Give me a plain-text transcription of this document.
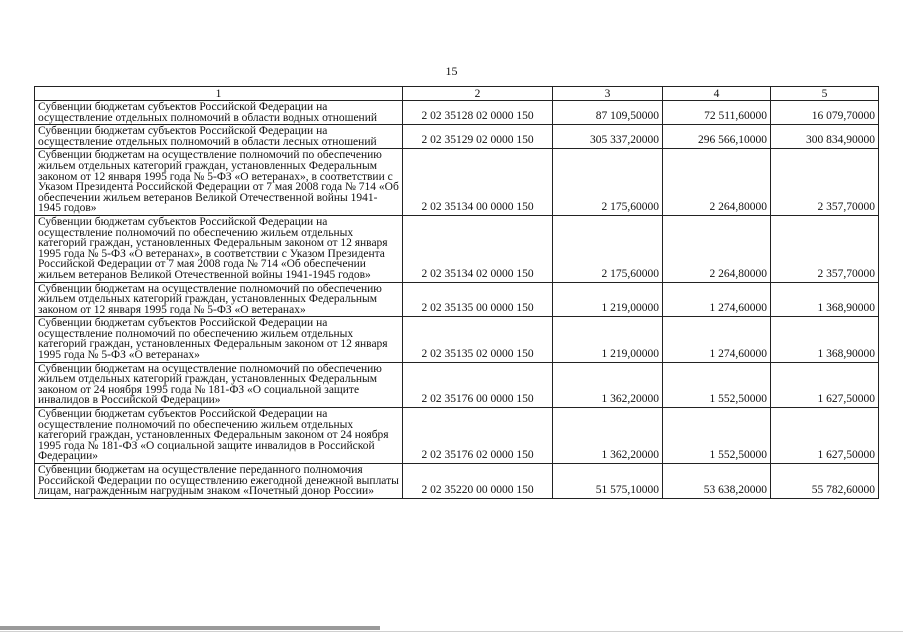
15
1	2	3	4	5
Субвенции бюджетам субъектов Российской Федерации на осуществление отдельных полномочий в области водных отношений	2 02 35128 02 0000 150	87 109,50000	72 511,60000	16 079,70000
Субвенции бюджетам субъектов Российской Федерации на осуществление отдельных полномочий в области лесных отношений	2 02 35129 02 0000 150	305 337,20000	296 566,10000	300 834,90000
Субвенции бюджетам на осуществление полномочий по обеспечению жильем отдельных категорий граждан, установленных Федеральным законом от 12 января 1995 года № 5-ФЗ «О ветеранах», в соответствии с Указом Президента Российской Федерации от 7 мая 2008 года № 714 «Об обеспечении жильем ветеранов Великой Отечественной войны 1941-1945 годов»	2 02 35134 00 0000 150	2 175,60000	2 264,80000	2 357,70000
Субвенции бюджетам субъектов Российской Федерации на осуществление полномочий по обеспечению жильем отдельных категорий граждан, установленных Федеральным законом от 12 января 1995 года № 5-ФЗ «О ветеранах», в соответствии с Указом Президента Российской Федерации от 7 мая 2008 года № 714 «Об обеспечении жильем ветеранов Великой Отечественной войны 1941-1945 годов»	2 02 35134 02 0000 150	2 175,60000	2 264,80000	2 357,70000
Субвенции бюджетам на осуществление полномочий по обеспечению жильем отдельных категорий граждан, установленных Федеральным законом от 12 января 1995 года № 5-ФЗ «О ветеранах»	2 02 35135 00 0000 150	1 219,00000	1 274,60000	1 368,90000
Субвенции бюджетам субъектов Российской Федерации на осуществление полномочий по обеспечению жильем отдельных категорий граждан, установленных Федеральным законом от 12 января 1995 года № 5-ФЗ «О ветеранах»	2 02 35135 02 0000 150	1 219,00000	1 274,60000	1 368,90000
Субвенции бюджетам на осуществление полномочий по обеспечению жильем отдельных категорий граждан, установленных Федеральным законом от 24 ноября 1995 года № 181-ФЗ «О социальной защите инвалидов в Российской Федерации»	2 02 35176 00 0000 150	1 362,20000	1 552,50000	1 627,50000
Субвенции бюджетам субъектов Российской Федерации на осуществление полномочий по обеспечению жильем отдельных категорий граждан, установленных Федеральным законом от 24 ноября 1995 года № 181-ФЗ «О социальной защите инвалидов в Российской Федерации»	2 02 35176 02 0000 150	1 362,20000	1 552,50000	1 627,50000
Субвенции бюджетам на осуществление переданного полномочия Российской Федерации по осуществлению ежегодной денежной выплаты лицам, награжденным нагрудным знаком «Почетный донор России»	2 02 35220 00 0000 150	51 575,10000	53 638,20000	55 782,60000
